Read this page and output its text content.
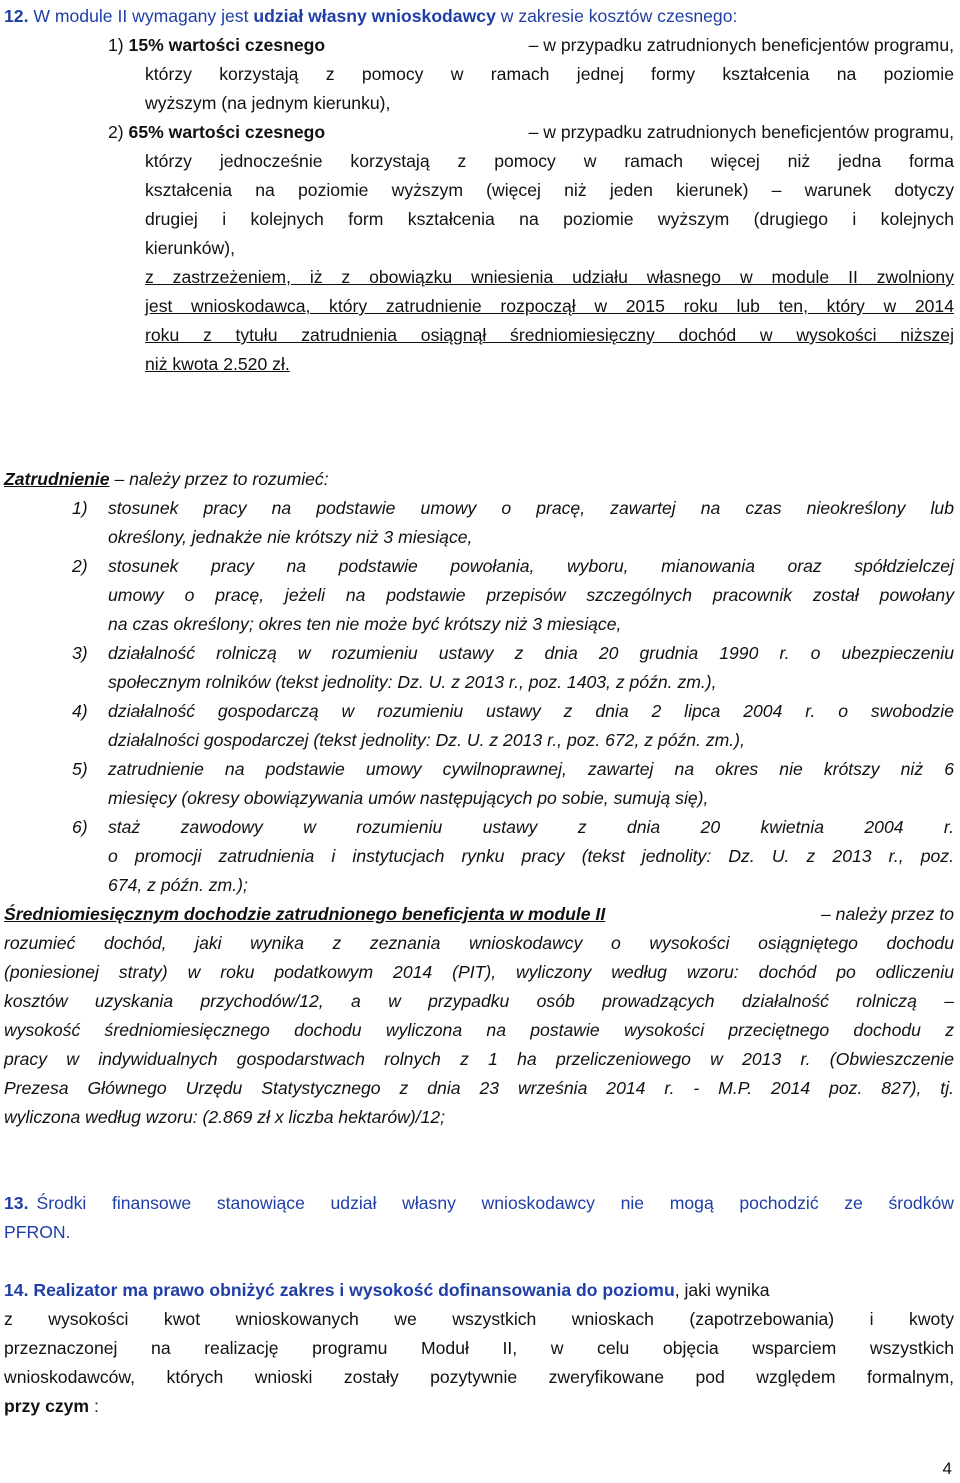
12. W module II wymagany jest udział własny wnioskodawcy w zakresie kosztów czesnego:
1) 15% wartości czesnego	– w przypadku zatrudnionych beneficjentów programu,
którzy korzystają z pomocy w ramach jednej formy kształcenia na poziomie
wyższym (na jednym kierunku),
2) 65% wartości czesnego	– w przypadku zatrudnionych beneficjentów programu,
którzy jednocześnie korzystają z pomocy w ramach więcej niż jedna forma
kształcenia na poziomie wyższym (więcej niż jeden kierunek) – warunek dotyczy
drugiej i kolejnych form kształcenia na poziomie wyższym (drugiego i kolejnych
kierunków),
z zastrzeżeniem, iż z obowiązku wniesienia udziału własnego w module II zwolniony
jest wnioskodawca, który zatrudnienie rozpoczął w 2015 roku lub ten, który w 2014
roku z tytułu zatrudnienia osiągnął średniomiesięczny dochód w wysokości niższej
niż kwota 2.520 zł.
Zatrudnienie – należy przez to rozumieć:
1) stosunek pracy na podstawie umowy o pracę, zawartej na czas nieokreślony lub
określony, jednakże nie krótszy niż 3 miesiące,
2) stosunek pracy na podstawie powołania, wyboru, mianowania oraz spółdzielczej
umowy o pracę, jeżeli na podstawie przepisów szczególnych pracownik został powołany
na czas określony; okres ten nie może być krótszy niż 3 miesiące,
3) działalność rolniczą w rozumieniu ustawy z dnia 20 grudnia 1990 r. o ubezpieczeniu
społecznym rolników (tekst jednolity: Dz. U. z 2013 r., poz. 1403, z późn. zm.),
4) działalność gospodarczą w rozumieniu ustawy z dnia 2 lipca 2004 r. o swobodzie
działalności gospodarczej (tekst jednolity: Dz. U. z 2013 r., poz. 672, z późn. zm.),
5) zatrudnienie na podstawie umowy cywilnoprawnej, zawartej na okres nie krótszy niż 6
miesięcy (okresy obowiązywania umów następujących po sobie, sumują się),
6) staż zawodowy w rozumieniu ustawy z dnia 20 kwietnia 2004 r.
o promocji zatrudnienia i instytucjach rynku pracy (tekst jednolity: Dz. U. z 2013 r., poz.
674, z późn. zm.);
Średniomiesięcznym dochodzie zatrudnionego beneficjenta w module II	– należy przez to
rozumieć dochód, jaki wynika z zeznania wnioskodawcy o wysokości osiągniętego dochodu
(poniesionej straty) w roku podatkowym 2014 (PIT), wyliczony według wzoru: dochód po odliczeniu
kosztów uzyskania przychodów/12, a w przypadku osób prowadzących działalność rolniczą –
wysokość średniomiesięcznego dochodu wyliczona na postawie wysokości przeciętnego dochodu z
pracy w indywidualnych gospodarstwach rolnych z 1 ha przeliczeniowego w 2013 r. (Obwieszczenie
Prezesa Głównego Urzędu Statystycznego z dnia 23 września 2014 r. - M.P. 2014 poz. 827), tj.
wyliczona według wzoru: (2.869 zł x liczba hektarów)/12;
13. Środki finansowe stanowiące udział własny wnioskodawcy nie mogą pochodzić ze środków
PFRON.
14. Realizator ma prawo obniżyć zakres i wysokość dofinansowania do poziomu, jaki wynika
z wysokości kwot wnioskowanych we wszystkich wnioskach (zapotrzebowania) i kwoty
przeznaczonej na realizację programu Moduł II, w celu objęcia wsparciem wszystkich
wnioskodawców, których wnioski zostały pozytywnie zweryfikowane pod względem formalnym,
przy czym :
4
